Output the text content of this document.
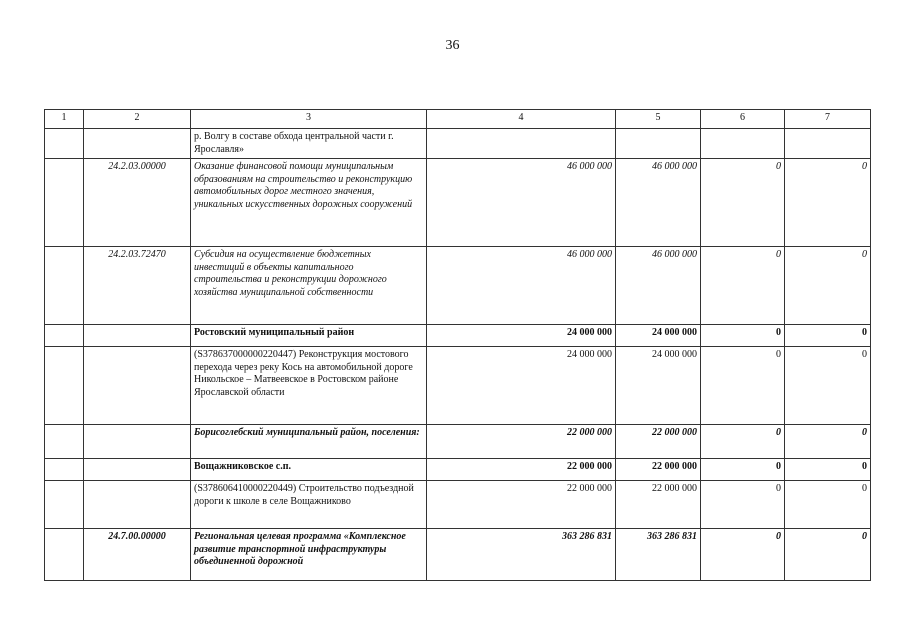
36
1	2	3	4	5	6	7
		р. Волгу в составе обхода центральной части г. Ярославля»				
	24.2.03.00000	Оказание финансовой помощи муниципальным образованиям на строительство и реконструкцию автомобильных дорог местного значения, уникальных искусственных дорожных сооружений	46 000 000	46 000 000	0	0
	24.2.03.72470	Субсидия на осуществление бюджетных инвестиций в объекты капитального строительства и реконструкции дорожного хозяйства муниципальной собственности	46 000 000	46 000 000	0	0
		Ростовский муниципальный район	24 000 000	24 000 000	0	0
		(S378637000000220447) Реконструкция мостового перехода через реку Кось на автомобильной дороге Никольское – Матвеевское в Ростовском районе Ярославской области	24 000 000	24 000 000	0	0
		Борисоглебский муниципальный район, поселения:	22 000 000	22 000 000	0	0
		Вощажниковское с.п.	22 000 000	22 000 000	0	0
		(S378606410000220449) Строительство подъездной дороги к школе в селе Вощажниково	22 000 000	22 000 000	0	0
	24.7.00.00000	Региональная целевая программа «Комплексное развитие транспортной инфраструктуры объединенной дорожной	363 286 831	363 286 831	0	0
